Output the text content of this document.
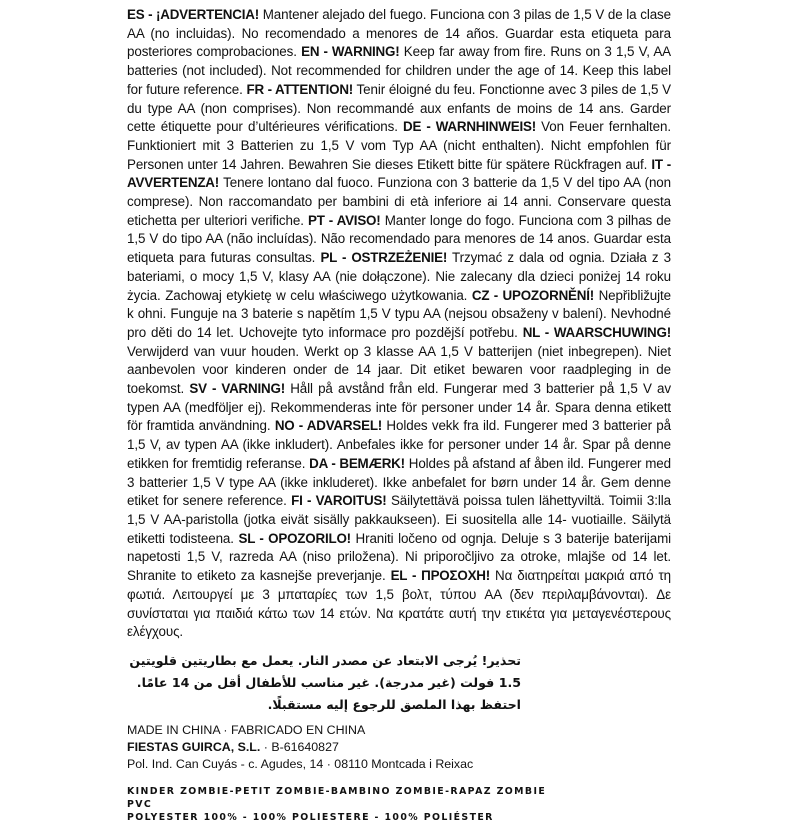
ES - ¡ADVERTENCIA! Mantener alejado del fuego. Funciona con 3 pilas de 1,5 V de la clase AA (no incluidas). No recomendado a menores de 14 años. Guardar esta etiqueta para posteriores comprobaciones. EN - WARNING! Keep far away from fire. Runs on 3 1,5 V, AA batteries (not included). Not recommended for children under the age of 14. Keep this label for future reference. FR - ATTENTION! Tenir éloigné du feu. Fonctionne avec 3 piles de 1,5 V du type AA (non comprises). Non recommandé aux enfants de moins de 14 ans. Garder cette étiquette pour d’ultérieures vérifications. DE - WARNHINWEIS! Von Feuer fernhalten. Funktioniert mit 3 Batterien zu 1,5 V vom Typ AA (nicht enthalten). Nicht empfohlen für Personen unter 14 Jahren. Bewahren Sie dieses Etikett bitte für spätere Rückfragen auf. IT - AVVERTENZA! Tenere lontano dal fuoco. Funziona con 3 batterie da 1,5 V del tipo AA (non comprese). Non raccomandato per bambini di età inferiore ai 14 anni. Conservare questa etichetta per ulteriori verifiche. PT - AVISO! Manter longe do fogo. Funciona com 3 pilhas de 1,5 V do tipo AA (não incluídas). Não recomendado para menores de 14 anos. Guardar esta etiqueta para futuras consultas. PL - OSTRZEŻENIE! Trzymać z dala od ognia. Działa z 3 bateriami, o mocy 1,5 V, klasy AA (nie dołączone). Nie zalecany dla dzieci poniżej 14 roku życia. Zachowaj etykietę w celu właściwego użytkowania. CZ - UPOZORNĚNÍ! Nepřibližujte k ohni. Funguje na 3 baterie s napětím 1,5 V typu AA (nejsou obsaženy v balení). Nevhodné pro děti do 14 let. Uchovejte tyto informace pro pozdější potřebu. NL - WAARSCHUWING! Verwijderd van vuur houden. Werkt op 3 klasse AA 1,5 V batterijen (niet inbegrepen). Niet aanbevolen voor kinderen onder de 14 jaar. Dit etiket bewaren voor raadpleging in de toekomst. SV - VARNING! Håll på avstånd från eld. Fungerar med 3 batterier på 1,5 V av typen AA (medföljer ej). Rekommenderas inte för personer under 14 år. Spara denna etikett för framtida användning. NO - ADVARSEL! Holdes vekk fra ild. Fungerer med 3 batterier på 1,5 V, av typen AA (ikke inkludert). Anbefales ikke for personer under 14 år. Spar på denne etikken for fremtidig referanse. DA - BEMÆRK! Holdes på afstand af åben ild. Fungerer med 3 batterier 1,5 V type AA (ikke inkluderet). Ikke anbefalet for børn under 14 år. Gem denne etiket for senere reference. FI - VAROITUS! Säilytettävä poissa tulen lähettyviltä. Toimii 3:lla 1,5 V AA-paristolla (jotka eivät sisälly pakkaukseen). Ei suositella alle 14- vuotiaille. Säilytä etiketti todisteena. SL - OPOZORILO! Hraniti ločeno od ognja. Deluje s 3 baterije baterijami napetosti 1,5 V, razreda AA (niso priložena). Ni priporočljivo za otroke, mlajše od 14 let. Shranite to etiketo za kasnejše preverjanje. EL - ΠΡΟΣΟΧΗ! Να διατηρείται μακριά από τη φωτιά. Λειτουργεί με 3 μπαταρίες των 1,5 βολτ, τύπου AA (δεν περιλαμβάνονται). Δε συνίσταται για παιδιά κάτω των 14 ετών. Να κρατάτε αυτή την ετικέτα για μεταγενέστερους ελέγχους.
تحذير! يُرجى الابتعاد عن مصدر النار. يعمل مع بطاريتين قلويتين 1.5 فولت (غير مدرجة). غير مناسب للأطفال أقل من 14 عامًا. احتفظ بهذا الملصق للرجوع إليه مستقبلًا.
MADE IN CHINA · FABRICADO EN CHINA
FIESTAS GUIRCA, S.L. · B-61640827
Pol. Ind. Can Cuyás - c. Agudes, 14 · 08110 Montcada i Reixac
KINDER ZOMBIE-PETIT ZOMBIE-BAMBINO ZOMBIE-RAPAZ ZOMBIE
PVC
POLYESTER 100% - 100% POLIESTERE - 100% POLIÉSTER
